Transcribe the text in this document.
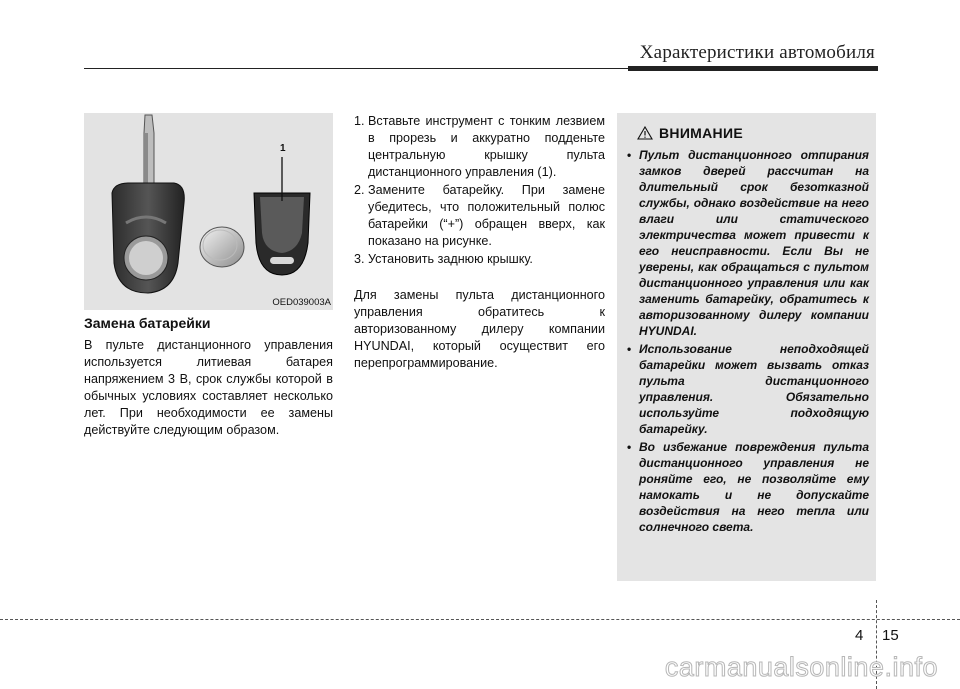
Характеристики автомобиля
1
OED039003A
Замена батарейки

В пульте дистанционного управления используется литиевая батарея напряжением 3 В, срок службы которой в обычных условиях составляет несколько лет. При необходимости ее замены действуйте следующим образом.

1. Вставьте инструмент с тонким лезвием в прорезь и аккуратно подденьте центральную крышку пульта дистанционного управления (1).
2. Замените батарейку. При замене убедитесь, что положительный полюс батарейки (“+”) обращен вверх, как показано на рисунке.
3. Установить заднюю крышку.

Для замены пульта дистанционного управления обратитесь к авторизованному дилеру компании HYUNDAI, который осуществит его перепрограммирование.

ВНИМАНИЕ
• Пульт дистанционного отпирания замков дверей рассчитан на длительный срок безотказной службы, однако воздействие на него влаги или статического электричества может привести к его неисправности. Если Вы не уверены, как обращаться с пультом дистанционного управления или как заменить батарейку, обратитесь к авторизованному дилеру компании HYUNDAI.
• Использование неподходящей батарейки может вызвать отказ пульта дистанционного управления. Обязательно используйте подходящую батарейку.
• Во избежание повреждения пульта дистанционного управления не роняйте его, не позволяйте ему намокать и не допускайте воздействия на него тепла или солнечного света.
4 15
carmanualsonline.info
